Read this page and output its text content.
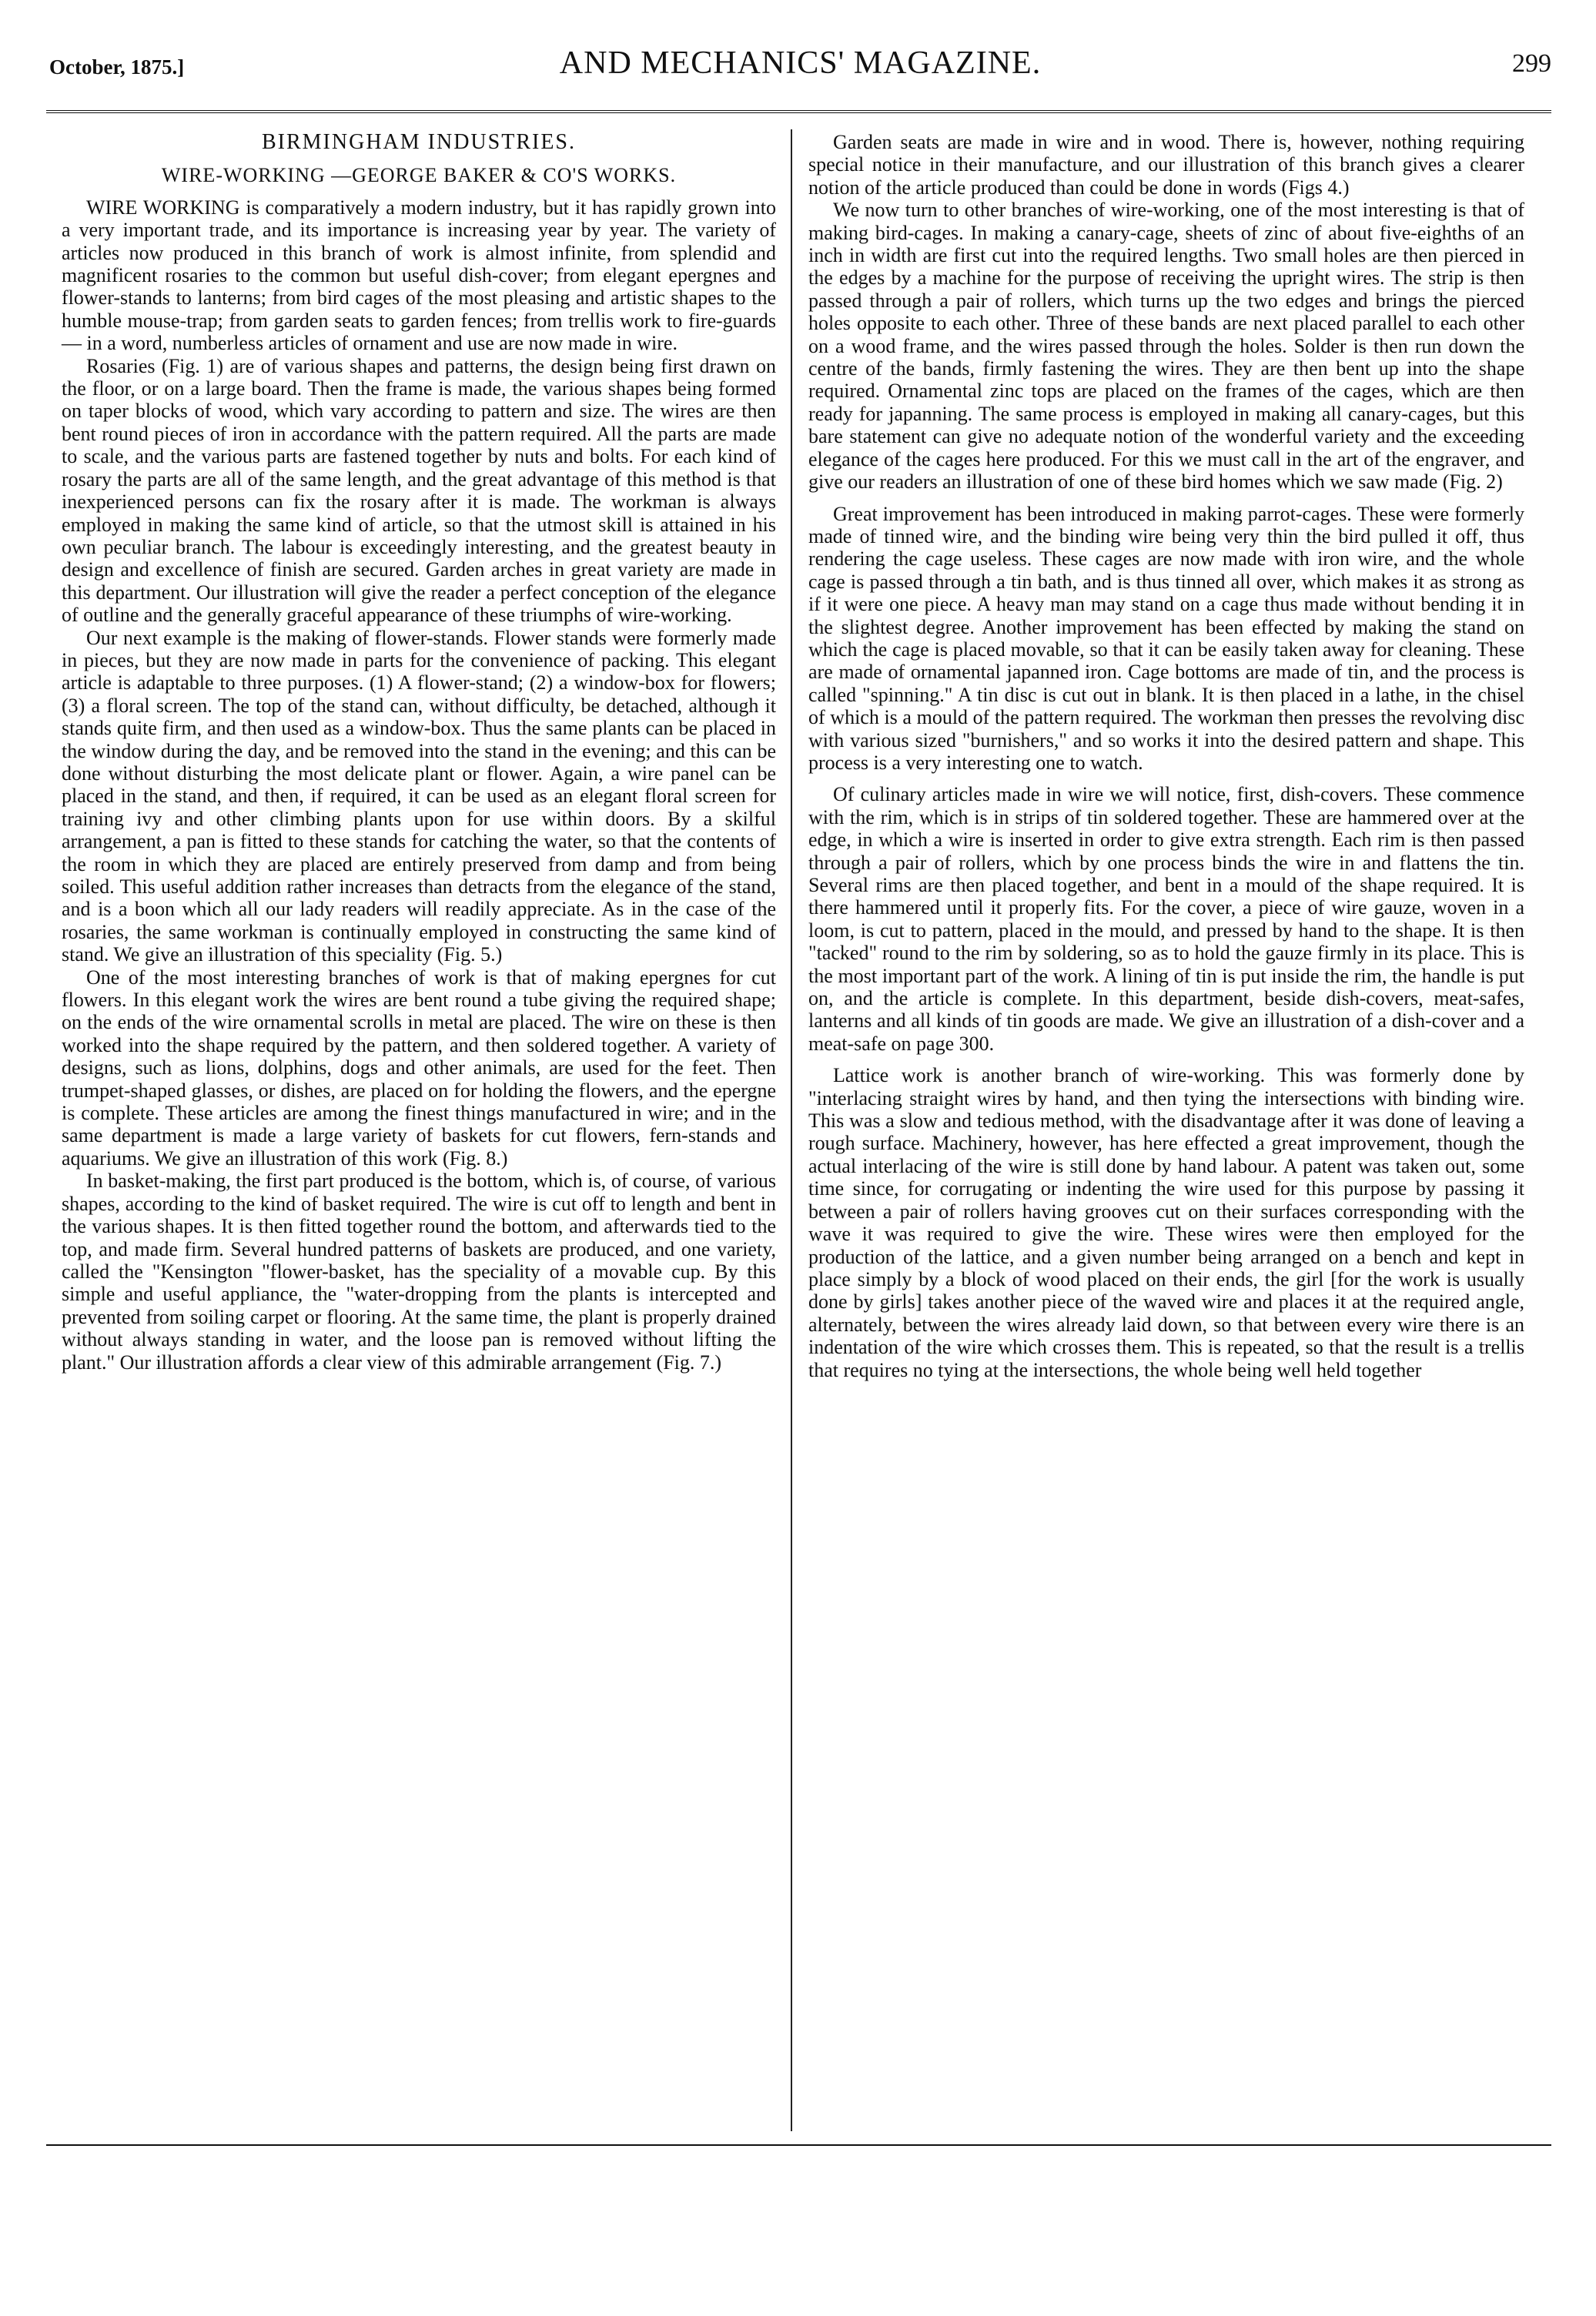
October, 1875.]	AND MECHANICS' MAGAZINE.	299
BIRMINGHAM INDUSTRIES.
WIRE-WORKING —GEORGE BAKER & CO'S WORKS.

WIRE WORKING is comparatively a modern industry, but it has rapidly grown into a very important trade, and its importance is increasing year by year. The variety of articles now produced in this branch of work is almost infinite, from splendid and magnificent rosaries to the common but useful dish-cover; from elegant epergnes and flower-stands to lanterns; from bird cages of the most pleasing and artistic shapes to the humble mouse-trap; from garden seats to garden fences; from trellis work to fire-guards — in a word, numberless articles of ornament and use are now made in wire.

Rosaries (Fig. 1) are of various shapes and patterns, the design being first drawn on the floor, or on a large board. Then the frame is made, the various shapes being formed on taper blocks of wood, which vary according to pattern and size. The wires are then bent round pieces of iron in accordance with the pattern required. All the parts are made to scale, and the various parts are fastened together by nuts and bolts. For each kind of rosary the parts are all of the same length, and the great advantage of this method is that inexperienced persons can fix the rosary after it is made. The workman is always employed in making the same kind of article, so that the utmost skill is attained in his own peculiar branch. The labour is exceedingly interesting, and the greatest beauty in design and excellence of finish are secured. Garden arches in great variety are made in this department. Our illustration will give the reader a perfect conception of the elegance of outline and the generally graceful appearance of these triumphs of wire-working.

Our next example is the making of flower-stands. Flower stands were formerly made in pieces, but they are now made in parts for the convenience of packing. This elegant article is adaptable to three purposes. (1) A flower-stand; (2) a window-box for flowers; (3) a floral screen. The top of the stand can, without difficulty, be detached, although it stands quite firm, and then used as a window-box. Thus the same plants can be placed in the window during the day, and be removed into the stand in the evening; and this can be done without disturbing the most delicate plant or flower. Again, a wire panel can be placed in the stand, and then, if required, it can be used as an elegant floral screen for training ivy and other climbing plants upon for use within doors. By a skilful arrangement, a pan is fitted to these stands for catching the water, so that the contents of the room in which they are placed are entirely preserved from damp and from being soiled. This useful addition rather increases than detracts from the elegance of the stand, and is a boon which all our lady readers will readily appreciate. As in the case of the rosaries, the same workman is continually employed in constructing the same kind of stand. We give an illustration of this speciality (Fig. 5.)

One of the most interesting branches of work is that of making epergnes for cut flowers. In this elegant work the wires are bent round a tube giving the required shape; on the ends of the wire ornamental scrolls in metal are placed. The wire on these is then worked into the shape required by the pattern, and then soldered together. A variety of designs, such as lions, dolphins, dogs and other animals, are used for the feet. Then trumpet-shaped glasses, or dishes, are placed on for holding the flowers, and the epergne is complete. These articles are among the finest things manufactured in wire; and in the same department is made a large variety of baskets for cut flowers, fern-stands and aquariums. We give an illustration of this work (Fig. 8.)

In basket-making, the first part produced is the bottom, which is, of course, of various shapes, according to the kind of basket required. The wire is cut off to length and bent in the various shapes. It is then fitted together round the bottom, and afterwards tied to the top, and made firm. Several hundred patterns of baskets are produced, and one variety, called the "Kensington "flower-basket, has the speciality of a movable cup. By this simple and useful appliance, the "water-dropping from the plants is intercepted and prevented from soiling carpet or flooring. At the same time, the plant is properly drained without always standing in water, and the loose pan is removed without lifting the plant." Our illustration affords a clear view of this admirable arrangement (Fig. 7.)

Garden seats are made in wire and in wood. There is, however, nothing requiring special notice in their manufacture, and our illustration of this branch gives a clearer notion of the article produced than could be done in words (Figs 4.)

We now turn to other branches of wire-working, one of the most interesting is that of making bird-cages. In making a canary-cage, sheets of zinc of about five-eighths of an inch in width are first cut into the required lengths. Two small holes are then pierced in the edges by a machine for the purpose of receiving the upright wires. The strip is then passed through a pair of rollers, which turns up the two edges and brings the pierced holes opposite to each other. Three of these bands are next placed parallel to each other on a wood frame, and the wires passed through the holes. Solder is then run down the centre of the bands, firmly fastening the wires. They are then bent up into the shape required. Ornamental zinc tops are placed on the frames of the cages, which are then ready for japanning. The same process is employed in making all canary-cages, but this bare statement can give no adequate notion of the wonderful variety and the exceeding elegance of the cages here produced. For this we must call in the art of the engraver, and give our readers an illustration of one of these bird homes which we saw made (Fig. 2)

Great improvement has been introduced in making parrot-cages. These were formerly made of tinned wire, and the binding wire being very thin the bird pulled it off, thus rendering the cage useless. These cages are now made with iron wire, and the whole cage is passed through a tin bath, and is thus tinned all over, which makes it as strong as if it were one piece. A heavy man may stand on a cage thus made without bending it in the slightest degree. Another improvement has been effected by making the stand on which the cage is placed movable, so that it can be easily taken away for cleaning. These are made of ornamental japanned iron. Cage bottoms are made of tin, and the process is called "spinning." A tin disc is cut out in blank. It is then placed in a lathe, in the chisel of which is a mould of the pattern required. The workman then presses the revolving disc with various sized "burnishers," and so works it into the desired pattern and shape. This process is a very interesting one to watch.

Of culinary articles made in wire we will notice, first, dish-covers. These commence with the rim, which is in strips of tin soldered together. These are hammered over at the edge, in which a wire is inserted in order to give extra strength. Each rim is then passed through a pair of rollers, which by one process binds the wire in and flattens the tin. Several rims are then placed together, and bent in a mould of the shape required. It is there hammered until it properly fits. For the cover, a piece of wire gauze, woven in a loom, is cut to pattern, placed in the mould, and pressed by hand to the shape. It is then "tacked" round to the rim by soldering, so as to hold the gauze firmly in its place. This is the most important part of the work. A lining of tin is put inside the rim, the handle is put on, and the article is complete. In this department, beside dish-covers, meat-safes, lanterns and all kinds of tin goods are made. We give an illustration of a dish-cover and a meat-safe on page 300.

Lattice work is another branch of wire-working. This was formerly done by "interlacing straight wires by hand, and then tying the intersections with binding wire. This was a slow and tedious method, with the disadvantage after it was done of leaving a rough surface. Machinery, however, has here effected a great improvement, though the actual interlacing of the wire is still done by hand labour. A patent was taken out, some time since, for corrugating or indenting the wire used for this purpose by passing it between a pair of rollers having grooves cut on their surfaces corresponding with the wave it was required to give the wire. These wires were then employed for the production of the lattice, and a given number being arranged on a bench and kept in place simply by a block of wood placed on their ends, the girl [for the work is usually done by girls] takes another piece of the waved wire and places it at the required angle, alternately, between the wires already laid down, so that between every wire there is an indentation of the wire which crosses them. This is repeated, so that the result is a trellis that requires no tying at the intersections, the whole being well held together
